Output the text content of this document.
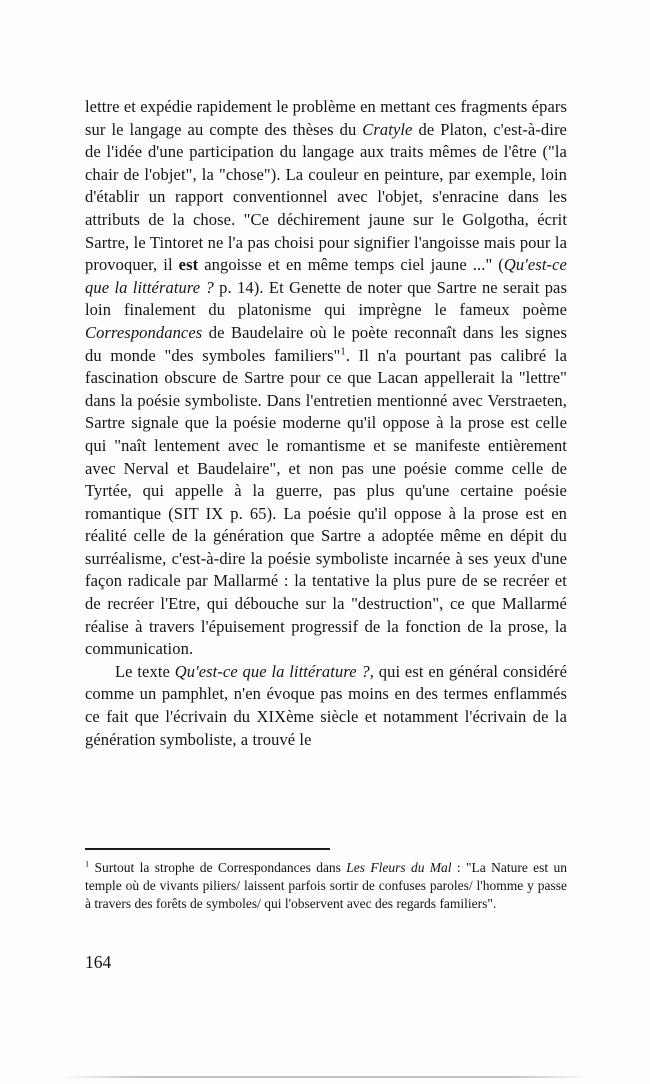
lettre et expédie rapidement le problème en mettant ces fragments épars sur le langage au compte des thèses du Cratyle de Platon, c'est-à-dire de l'idée d'une participation du langage aux traits mêmes de l'être ("la chair de l'objet", la "chose"). La couleur en peinture, par exemple, loin d'établir un rapport conventionnel avec l'objet, s'enracine dans les attributs de la chose. "Ce déchirement jaune sur le Golgotha, écrit Sartre, le Tintoret ne l'a pas choisi pour signifier l'angoisse mais pour la provoquer, il est angoisse et en même temps ciel jaune ..." (Qu'est-ce que la littérature ? p. 14). Et Genette de noter que Sartre ne serait pas loin finalement du platonisme qui imprègne le fameux poème Correspondances de Baudelaire où le poète reconnaît dans les signes du monde "des symboles familiers"$^1$. Il n'a pourtant pas calibré la fascination obscure de Sartre pour ce que Lacan appellerait la "lettre" dans la poésie symboliste. Dans l'entretien mentionné avec Verstraeten, Sartre signale que la poésie moderne qu'il oppose à la prose est celle qui "naît lentement avec le romantisme et se manifeste entièrement avec Nerval et Baudelaire", et non pas une poésie comme celle de Tyrtée, qui appelle à la guerre, pas plus qu'une certaine poésie romantique (SIT IX p. 65). La poésie qu'il oppose à la prose est en réalité celle de la génération que Sartre a adoptée même en dépit du surréalisme, c'est-à-dire la poésie symboliste incarnée à ses yeux d'une façon radicale par Mallarmé : la tentative la plus pure de se recréer et de recréer l'Etre, qui débouche sur la "destruction", ce que Mallarmé réalise à travers l'épuisement progressif de la fonction de la prose, la communication.

Le texte Qu'est-ce que la littérature ?, qui est en général considéré comme un pamphlet, n'en évoque pas moins en des termes enflammés ce fait que l'écrivain du XIXème siècle et notamment l'écrivain de la génération symboliste, a trouvé le

$^1$ Surtout la strophe de Correspondances dans Les Fleurs du Mal : "La Nature est un temple où de vivants piliers/ laissent parfois sortir de confuses paroles/ l'homme y passe à travers des forêts de symboles/ qui l'observent avec des regards familiers".

164
